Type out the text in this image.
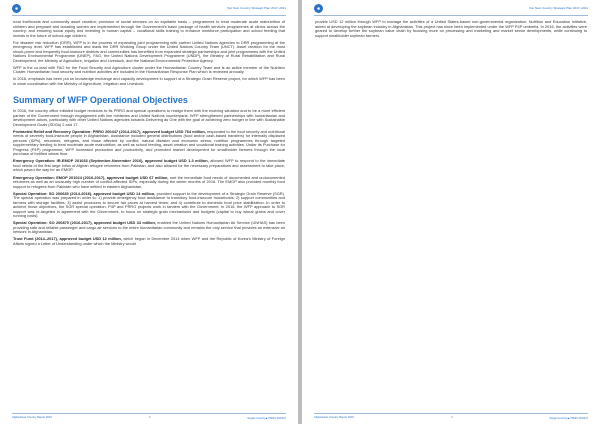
✺	Viet Nam Country Strategic Plan 2017–2021

rural livelihoods and community asset creation; provision of social services on an equitable basis – programmes to treat moderate acute malnutrition of children and pregnant and lactating women are implemented through the Government's basic package of health services programmes at clinics across the country; and ensuring social equity and investing in human capital – vocational skills training to enhance workforce participation and school feeding that invests in the future of school-age children.

For disaster risk reduction (DRR), WFP is in the process of expanding joint programming with partner United Nations agencies to DRR programming at the emergency level. WFP has established and leads the DRR Working Group under the United Nations Country Team (UNCT). Asset creation for the most shock-prone and frequently food-insecure districts and communities has benefited from expanded strategic partnerships and joint programmes with the United Nations Environmental Programme (UNEP), FAO, the United Nations Development Programme (UNDP), the Ministry of Rural Rehabilitation and Rural Development, the Ministry of Agriculture, Irrigation and Livestock, and the National Environmental Protection Agency.

WFP is the co-lead with FAO for the Food Security and Agriculture cluster under the Humanitarian Country Team and is an active member of the Nutrition Cluster. Humanitarian food security and nutrition activities are included in the Humanitarian Response Plan which is reviewed annually.

In 2016, emphasis has been put on knowledge exchange and capacity development in support of a Strategic Grain Reserve project, for which WFP has been in close coordination with the Ministry of Agriculture, Irrigation and Livestock.

Summary of WFP Operational Objectives

In 2016, the country office initiated budget revisions to its PRRO and special operations to realign them with the evolving situation and to be a more efficient partner of the Government through engagement with line ministries and United Nations counterparts. WFP strengthened partnerships with humanitarian and development actors, particularly with other United Nations agencies towards Delivering as One with the goal of achieving zero hunger in line with Sustainable Development Goals (SDGs) 2 and 17.

Protracted Relief and Recovery Operation: PRRO 200447 (2014-2017), approved budget USD 764 million, responded to the food security and nutritional needs of severely food-insecure people in Afghanistan. Assistance included general distributions (food and/or cash-based transfers) for internally displaced persons (IDPs), returnees, refugees, and those affected by conflict, natural disaster and economic stress; nutrition programmes through targeted supplementary feeding to treat moderate acute malnutrition; as well as school feeding, asset creation and vocational training activities. Under its Purchase for Progress (P4P) programme, WFP increased production and productivity, and promoted market development for smallholder farmers through the local purchase of fortified wheat flour.

Emergency Operation: IR-EMOP 201033 (September-November 2016), approved budget USD 1.3 million, allowed WFP to respond to the immediate food needs of the first large influx of Afghan refugee returnees from Pakistan, and also allowed for the necessary preparations and assessment to take place, which paved the way for an EMOP.

Emergency Operation: EMOP 201024 (2016-2017), approved budget USD 67 million, met the immediate food needs of documented and undocumented returnees as well as an unusually high number of conflict-affected IDPs, especially during the winter months of 2016. The EMOP also provided monthly food support to refugees from Pakistan who have settled in eastern Afghanistan.

Special Operation: SO 200635 (2014-2016), approved budget USD 14 million, provided support to the development of a Strategic Grain Reserve (SGR). The special operation was prepared in order to: 1) provide emergency food assistance to transitory food-insecure households; 2) support communities and farmers with storage facilities; 3) assist producers to secure fair prices at harvest times; and 4) contribute to domestic food price stabilization. In order to achieve those objectives, the SGR special operation, P4P and PRRO projects work in tandem with the Government. In 2016, the WFP approach to SGR support was re-targeted in agreement with the Government, to focus on strategic grain mechanisms and budgets (capital to buy wheat grains and cover running costs).

Special Operation: SO 200870 (2016-2017), approved budget USD 33 million, enabled the United Nations Humanitarian Air Service (UNHAS) has been providing safe and reliable passenger and cargo air services to the entire humanitarian community and remains the only service that provides an extensive air network in Afghanistan.

Trust Fund (2014–2017), approved budget USD 12 million, which began in December 2014 when WFP and the Republic of Korea's Ministry of Foreign Affairs signed a Letter of Understanding under which the Ministry would

Afghanistan Country Report 2016	3	Single Country ▶ PRRO 200447
✺	Viet Nam Country Strategic Plan 2017–2021

provide USD 12 million through WFP to manage the activities of a United States-based non-governmental organization, Nutrition and Education Initiative, aimed at developing the soybean industry in Afghanistan. This project has since been implemented under the WFP P4P umbrella. In 2016, the activities were geared to develop further the soybean value chain by focusing more on processing and marketing and market sector developments, while continuing to support smallholder soybean farmers.

Afghanistan Country Report 2016	4	Single Country ▶ PRRO 200447
